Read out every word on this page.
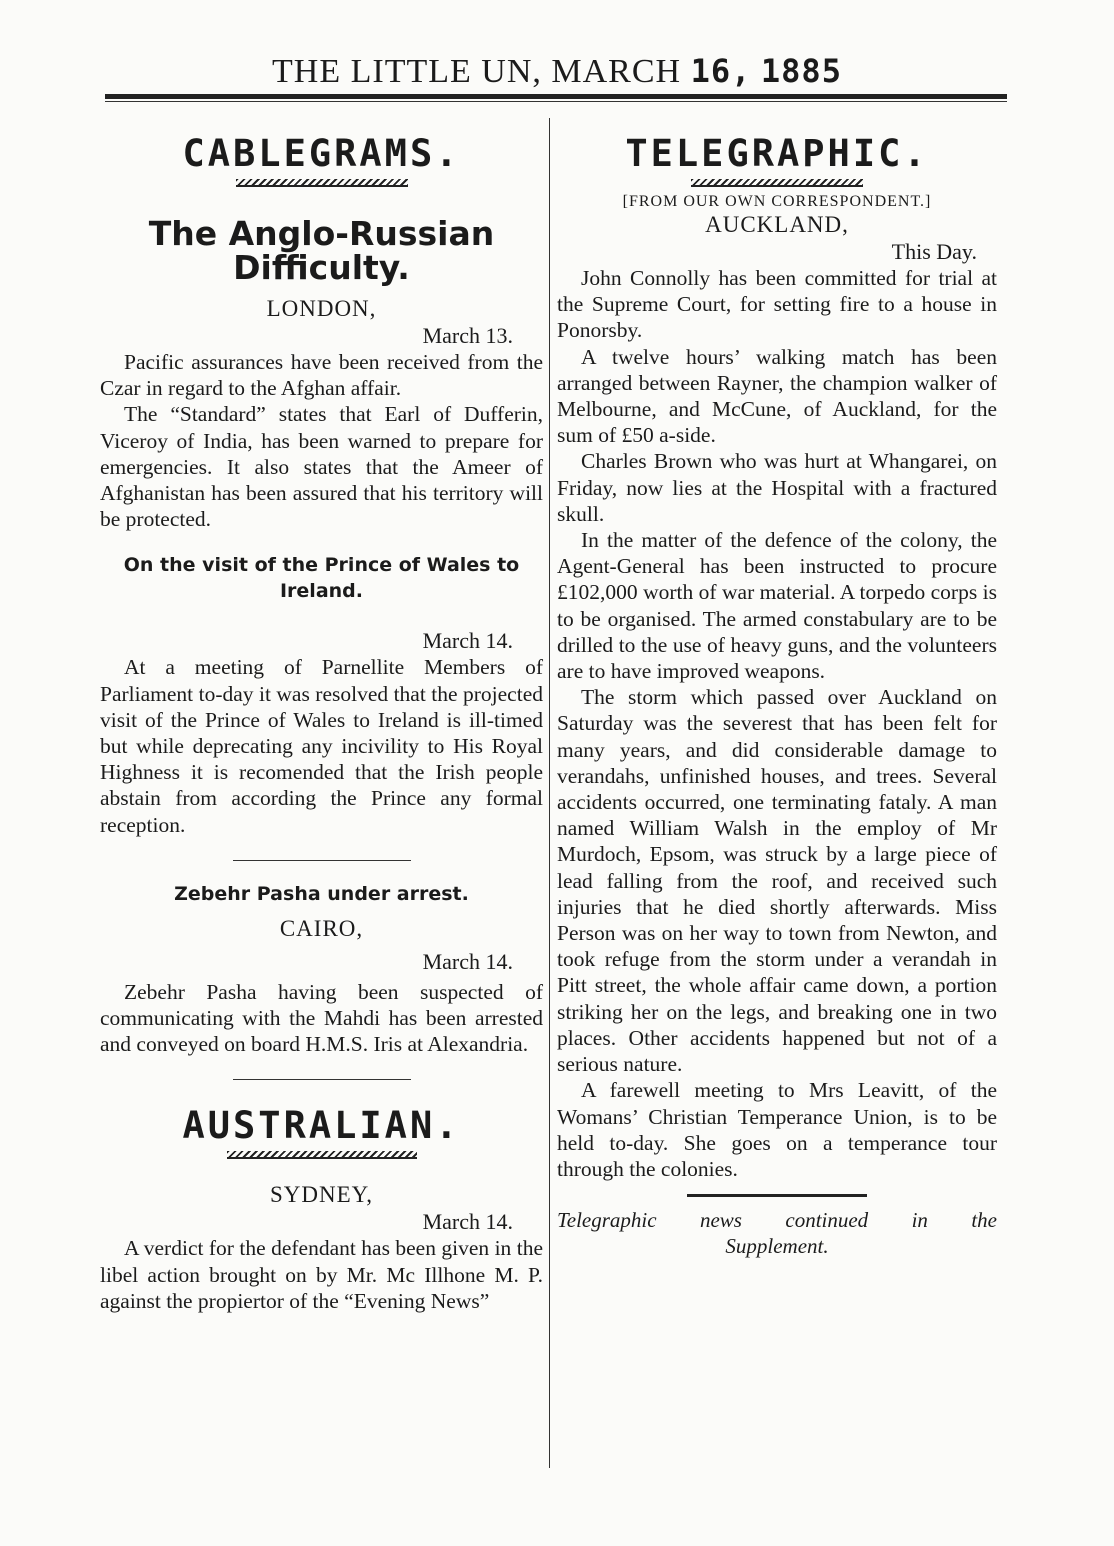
THE LITTLE UN, MARCH 16, 1885
CABLEGRAMS.
The Anglo-Russian Difficulty.

LONDON,

March 13.

Pacific assurances have been received from the Czar in regard to the Afghan affair.

The “Standard” states that Earl of Dufferin, Viceroy of India, has been warned to prepare for emergencies. It also states that the Ameer of Afghanistan has been assured that his territory will be protected.

On the visit of the Prince of Wales to Ireland.

March 14.

At a meeting of Parnellite Members of Parliament to-day it was resolved that the projected visit of the Prince of Wales to Ireland is ill-timed but while deprecating any incivility to His Royal Highness it is recomended that the Irish people abstain from according the Prince any formal reception.

Zebehr Pasha under arrest.

CAIRO,

March 14.

Zebehr Pasha having been suspected of communicating with the Mahdi has been arrested and conveyed on board H.M.S. Iris at Alexandria.

AUSTRALIAN.

SYDNEY,

March 14.

A verdict for the defendant has been given in the libel action brought on by Mr. Mc Illhone M. P. against the propiertor of the “Evening News”

TELEGRAPHIC.

[FROM OUR OWN CORRESPONDENT.]

AUCKLAND,

This Day.

John Connolly has been committed for trial at the Supreme Court, for setting fire to a house in Ponorsby.

A twelve hours’ walking match has been arranged between Rayner, the champion walker of Melbourne, and McCune, of Auckland, for the sum of £50 a-side.

Charles Brown who was hurt at Whangarei, on Friday, now lies at the Hospital with a fractured skull.

In the matter of the defence of the colony, the Agent-General has been instructed to procure £102,000 worth of war material. A torpedo corps is to be organised. The armed constabulary are to be drilled to the use of heavy guns, and the volunteers are to have improved weapons.

The storm which passed over Auckland on Saturday was the severest that has been felt for many years, and did considerable damage to verandahs, unfinished houses, and trees. Several accidents occurred, one terminating fataly. A man named William Walsh in the employ of Mr Murdoch, Epsom, was struck by a large piece of lead falling from the roof, and received such injuries that he died shortly afterwards. Miss Person was on her way to town from Newton, and took refuge from the storm under a verandah in Pitt street, the whole affair came down, a portion striking her on the legs, and breaking one in two places. Other accidents happened but not of a serious nature.

A farewell meeting to Mrs Leavitt, of the Womans’ Christian Temperance Union, is to be held to-day. She goes on a temperance tour through the colonies.

Telegraphic news continued in the

Supplement.
